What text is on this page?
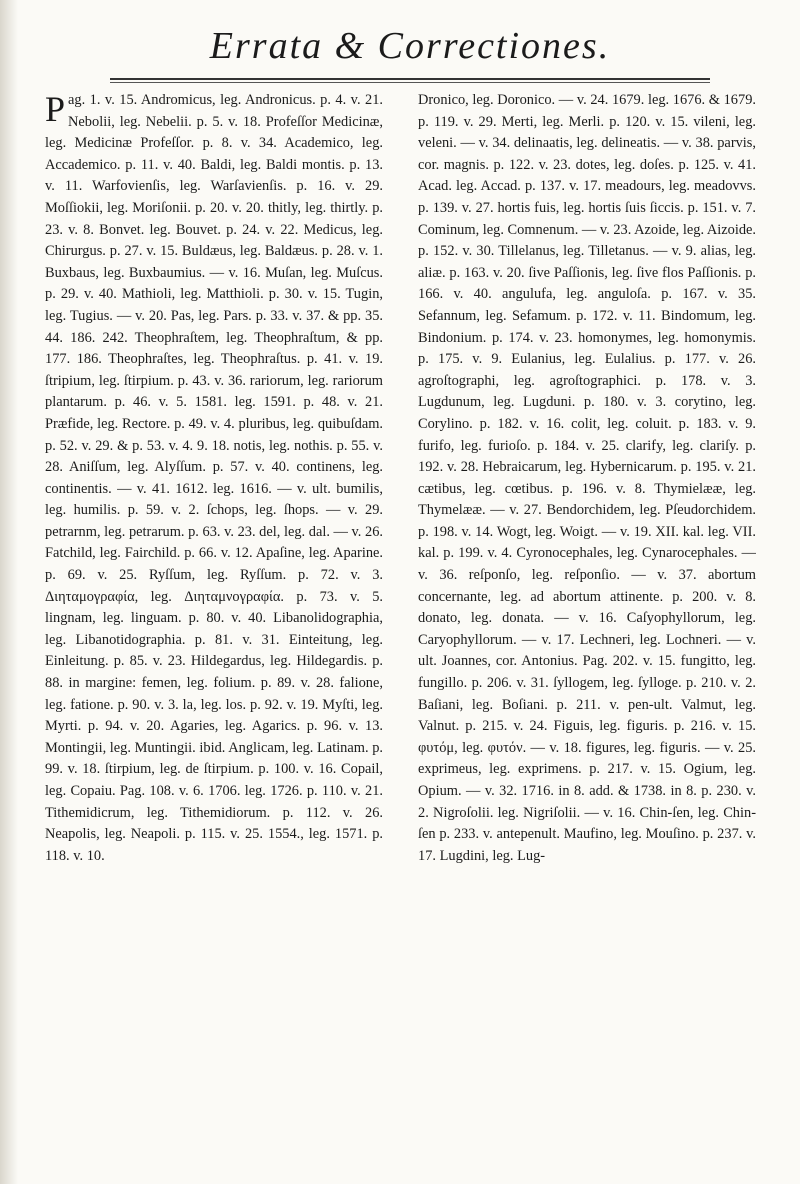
Errata & Correctiones.

Pag. 1. v. 15. Andromicus, leg. Andronicus. p. 4. v. 21. Nebolii, leg. Nebelii. p. 5. v. 18. Profeſſor Medicinæ, leg. Medicinæ Profeſſor. p. 8. v. 34. Academico, leg. Accademico. p. 11. v. 40. Baldi, leg. Baldi montis. p. 13. v. 11. Warfovienſis, leg. Warſavienſis. p. 16. v. 29. Moſſiokii, leg. Moriſonii. p. 20. v. 20. thitly, leg. thirtly. p. 23. v. 8. Bonvet. leg. Bouvet. p. 24. v. 22. Medicus, leg. Chirurgus. p. 27. v. 15. Buldæus, leg. Baldæus. p. 28. v. 1. Buxbaus, leg. Buxbaumius. — v. 16. Muſan, leg. Muſcus. p. 29. v. 40. Mathioli, leg. Matthioli. p. 30. v. 15. Tugin, leg. Tugius. — v. 20. Pas, leg. Pars. p. 33. v. 37. & pp. 35. 44. 186. 242. Theophraſtem, leg. Theophraſtum, & pp. 177. 186. Theophraſtes, leg. Theophraſtus. p. 41. v. 19. ſtripium, leg. ſtirpium. p. 43. v. 36. rariorum, leg. rariorum plantarum. p. 46. v. 5. 1581. leg. 1591. p. 48. v. 21. Præfide, leg. Rectore. p. 49. v. 4. pluribus, leg. quibuſdam. p. 52. v. 29. & p. 53. v. 4. 9. 18. notis, leg. nothis. p. 55. v. 28. Aniſſum, leg. Alyſſum. p. 57. v. 40. continens, leg. continentis. — v. 41. 1612. leg. 1616. — v. ult. bumilis, leg. humilis. p. 59. v. 2. ſchops, leg. ſhops. — v. 29. petrarnm, leg. petrarum. p. 63. v. 23. del, leg. dal. — v. 26. Fatchild, leg. Fairchild. p. 66. v. 12. Apaſine, leg. Aparine. p. 69. v. 25. Ryſſum, leg. Ryſſum. p. 72. v. 3. Διηταμογραφία, leg. Διηταμνογραφία. p. 73. v. 5. lingnam, leg. linguam. p. 80. v. 40. Libanolidographia, leg. Libanotidographia. p. 81. v. 31. Einteitung, leg. Einleitung. p. 85. v. 23. Hildegardus, leg. Hildegardis. p. 88. in margine: femen, leg. folium. p. 89. v. 28. falione, leg. fatione. p. 90. v. 3. la, leg. los. p. 92. v. 19. Myſti, leg. Myrti. p. 94. v. 20. Agaries, leg. Agarics. p. 96. v. 13. Montingii, leg. Muntingii. ibid. Anglicam, leg. Latinam. p. 99. v. 18. ſtirpium, leg. de ſtirpium. p. 100. v. 16. Copail, leg. Copaiu. Pag. 108. v. 6. 1706. leg. 1726. p. 110. v. 21. Tithemidicrum, leg. Tithemidiorum. p. 112. v. 26. Neapolis, leg. Neapoli. p. 115. v. 25. 1554., leg. 1571. p. 118. v. 10.

Dronico, leg. Doronico. — v. 24. 1679. leg. 1676. & 1679. p. 119. v. 29. Merti, leg. Merli. p. 120. v. 15. vileni, leg. veleni. — v. 34. delinaatis, leg. delineatis. — v. 38. parvis, cor. magnis. p. 122. v. 23. dotes, leg. doſes. p. 125. v. 41. Acad. leg. Accad. p. 137. v. 17. meadours, leg. meadovvs. p. 139. v. 27. hortis fuis, leg. hortis ſuis ſiccis. p. 151. v. 7. Cominum, leg. Comnenum. — v. 23. Azoide, leg. Aizoide. p. 152. v. 30. Tillelanus, leg. Tilletanus. — v. 9. alias, leg. aliæ. p. 163. v. 20. ſive Paſſionis, leg. ſive flos Paſſionis. p. 166. v. 40. angulufa, leg. anguloſa. p. 167. v. 35. Sefannum, leg. Sefamum. p. 172. v. 11. Bindomum, leg. Bindonium. p. 174. v. 23. homonymes, leg. homonymis. p. 175. v. 9. Eulanius, leg. Eulalius. p. 177. v. 26. agroſtographi, leg. agroſtographici. p. 178. v. 3. Lugdunum, leg. Lugduni. p. 180. v. 3. corytino, leg. Corylino. p. 182. v. 16. colit, leg. coluit. p. 183. v. 9. furifo, leg. furioſo. p. 184. v. 25. clarify, leg. clariſy. p. 192. v. 28. Hebraicarum, leg. Hybernicarum. p. 195. v. 21. cætibus, leg. cœtibus. p. 196. v. 8. Thymielææ, leg. Thymelææ. — v. 27. Bendorchidem, leg. Pſeudorchidem. p. 198. v. 14. Wogt, leg. Woigt. — v. 19. XII. kal. leg. VII. kal. p. 199. v. 4. Cyronocephales, leg. Cynarocephales. — v. 36. reſponſo, leg. reſponſio. — v. 37. abortum concernante, leg. ad abortum attinente. p. 200. v. 8. donato, leg. donata. — v. 16. Caſyophyllorum, leg. Caryophyllorum. — v. 17. Lechneri, leg. Lochneri. — v. ult. Joannes, cor. Antonius. Pag. 202. v. 15. fungitto, leg. fungillo. p. 206. v. 31. ſyllogem, leg. ſylloge. p. 210. v. 2. Baſiani, leg. Boſiani. p. 211. v. pen-ult. Valmut, leg. Valnut. p. 215. v. 24. Figuis, leg. figuris. p. 216. v. 15. φυτόμ, leg. φυτόν. — v. 18. figures, leg. figuris. — v. 25. exprimeus, leg. exprimens. p. 217. v. 15. Ogium, leg. Opium. — v. 32. 1716. in 8. add. & 1738. in 8. p. 230. v. 2. Nigroſolii. leg. Nigriſolii. — v. 16. Chin-ſen, leg. Chin-ſen p. 233. v. antepenult. Maufino, leg. Mouſino. p. 237. v. 17. Lugdini, leg. Lug-
